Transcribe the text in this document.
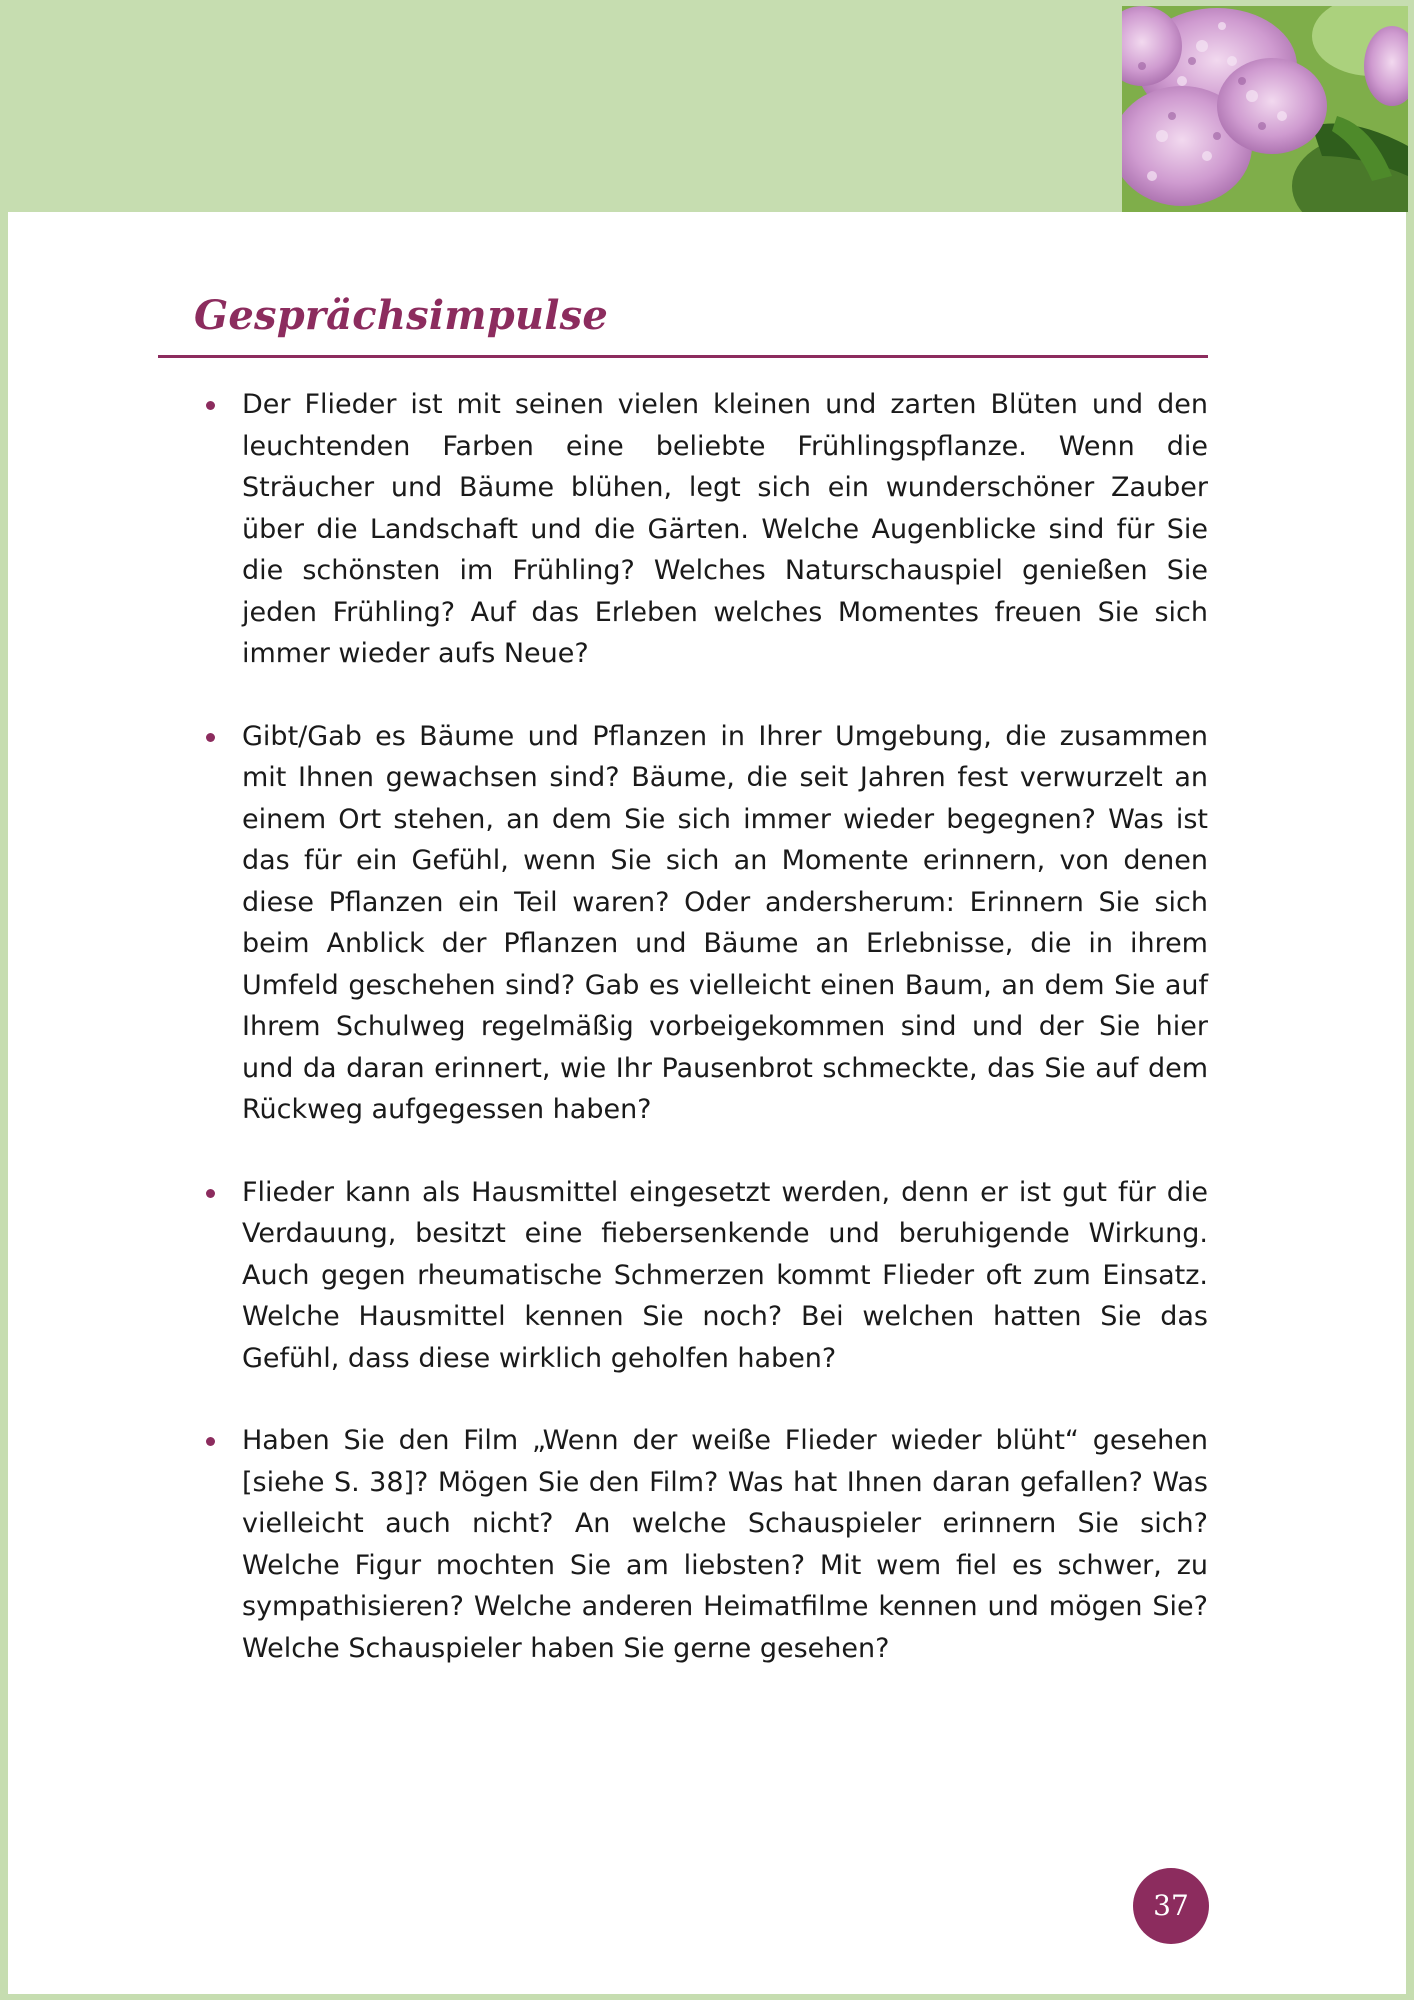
Gesprächsimpulse
Der Flieder ist mit seinen vielen kleinen und zarten Blüten und den leuchtenden Farben eine beliebte Frühlingspflanze. Wenn die Sträucher und Bäume blühen, legt sich ein wunderschöner Zauber über die Landschaft und die Gärten. Welche Augenblicke sind für Sie die schönsten im Frühling? Welches Naturschauspiel genießen Sie jeden Frühling? Auf das Erleben welches Momentes freuen Sie sich immer wieder aufs Neue?
Gibt/Gab es Bäume und Pflanzen in Ihrer Umgebung, die zusammen mit Ihnen gewachsen sind? Bäume, die seit Jahren fest verwurzelt an einem Ort stehen, an dem Sie sich immer wieder begegnen? Was ist das für ein Gefühl, wenn Sie sich an Momente erinnern, von denen diese Pflanzen ein Teil waren? Oder andersherum: Erinnern Sie sich beim Anblick der Pflanzen und Bäume an Erlebnisse, die in ihrem Umfeld geschehen sind? Gab es vielleicht einen Baum, an dem Sie auf Ihrem Schulweg regelmäßig vorbeigekommen sind und der Sie hier und da daran erinnert, wie Ihr Pausenbrot schmeckte, das Sie auf dem Rückweg aufgegessen haben?
Flieder kann als Hausmittel eingesetzt werden, denn er ist gut für die Verdauung, besitzt eine fiebersenkende und beruhigende Wirkung. Auch gegen rheumatische Schmerzen kommt Flieder oft zum Einsatz. Welche Hausmittel kennen Sie noch? Bei welchen hatten Sie das Gefühl, dass diese wirklich geholfen haben?
Haben Sie den Film „Wenn der weiße Flieder wieder blüht“ gesehen [siehe S. 38]? Mögen Sie den Film? Was hat Ihnen daran gefallen? Was vielleicht auch nicht? An welche Schauspieler erinnern Sie sich? Welche Figur mochten Sie am liebsten? Mit wem fiel es schwer, zu sympathisieren? Welche anderen Heimatfilme kennen und mögen Sie? Welche Schauspieler haben Sie gerne gesehen?
37
